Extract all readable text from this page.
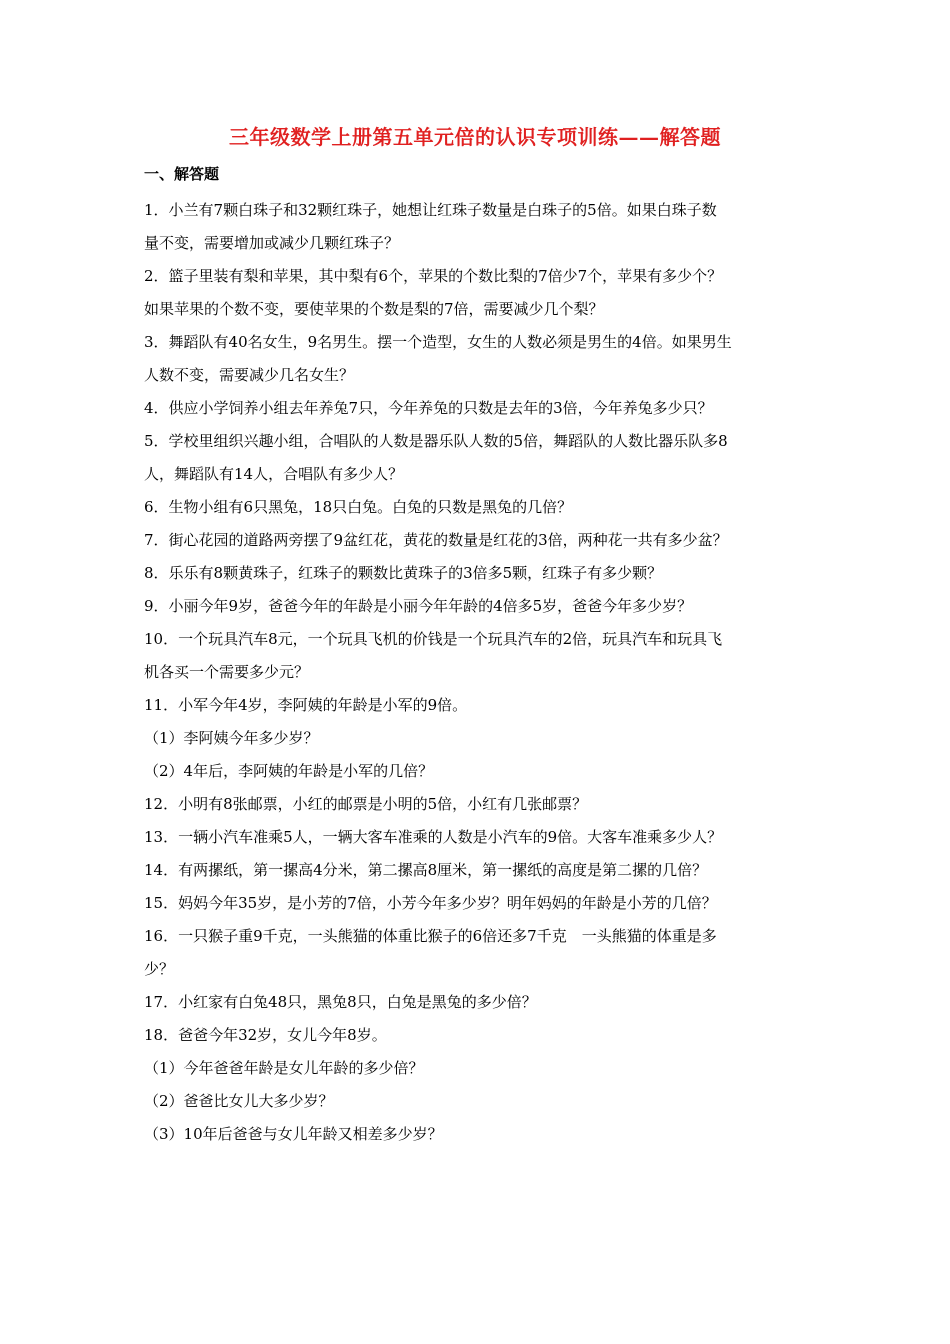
三年级数学上册第五单元倍的认识专项训练——解答题
一、解答题
1．小兰有7颗白珠子和32颗红珠子，她想让红珠子数量是白珠子的5倍。如果白珠子数
量不变，需要增加或减少几颗红珠子？
2．篮子里装有梨和苹果，其中梨有6个，苹果的个数比梨的7倍少7个，苹果有多少个？
如果苹果的个数不变，要使苹果的个数是梨的7倍，需要减少几个梨？
3．舞蹈队有40名女生，9名男生。摆一个造型，女生的人数必须是男生的4倍。如果男生
人数不变，需要减少几名女生？
4．供应小学饲养小组去年养兔7只，今年养兔的只数是去年的3倍，今年养兔多少只？
5．学校里组织兴趣小组，合唱队的人数是器乐队人数的5倍，舞蹈队的人数比器乐队多8
人，舞蹈队有14人，合唱队有多少人？
6．生物小组有6只黑兔，18只白兔。白兔的只数是黑兔的几倍？
7．街心花园的道路两旁摆了9盆红花，黄花的数量是红花的3倍，两种花一共有多少盆？
8．乐乐有8颗黄珠子，红珠子的颗数比黄珠子的3倍多5颗，红珠子有多少颗？
9．小丽今年9岁，爸爸今年的年龄是小丽今年年龄的4倍多5岁，爸爸今年多少岁？
10．一个玩具汽车8元，一个玩具飞机的价钱是一个玩具汽车的2倍，玩具汽车和玩具飞
机各买一个需要多少元？
11．小军今年4岁，李阿姨的年龄是小军的9倍。
（1）李阿姨今年多少岁？
（2）4年后，李阿姨的年龄是小军的几倍？
12．小明有8张邮票，小红的邮票是小明的5倍，小红有几张邮票？
13．一辆小汽车准乘5人，一辆大客车准乘的人数是小汽车的9倍。大客车准乘多少人？
14．有两摞纸，第一摞高4分米，第二摞高8厘米，第一摞纸的高度是第二摞的几倍？
15．妈妈今年35岁，是小芳的7倍，小芳今年多少岁？明年妈妈的年龄是小芳的几倍？
16．一只猴子重9千克，一头熊猫的体重比猴子的6倍还多7千克　一头熊猫的体重是多
少？
17．小红家有白兔48只，黑兔8只，白兔是黑兔的多少倍？
18．爸爸今年32岁，女儿今年8岁。
（1）今年爸爸年龄是女儿年龄的多少倍？
（2）爸爸比女儿大多少岁？
（3）10年后爸爸与女儿年龄又相差多少岁？
